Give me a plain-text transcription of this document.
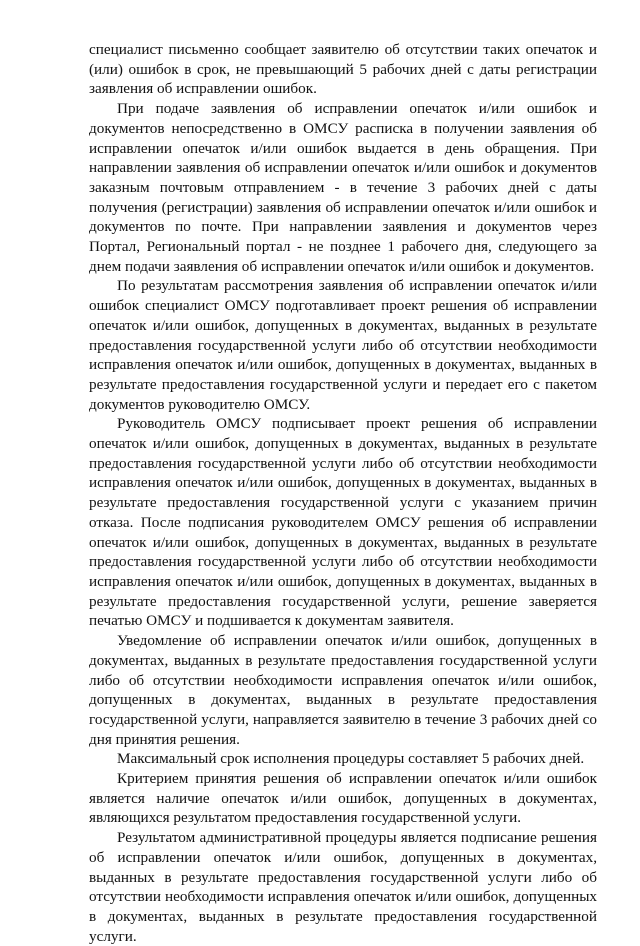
специалист письменно сообщает заявителю об отсутствии таких опечаток и (или) ошибок в срок, не превышающий 5 рабочих дней с даты регистрации заявления об исправлении ошибок.

При подаче заявления об исправлении опечаток и/или ошибок и документов непосредственно в ОМСУ расписка в получении заявления об исправлении опечаток и/или ошибок выдается в день обращения. При направлении заявления об исправлении опечаток и/или ошибок и документов заказным почтовым отправлением - в течение 3 рабочих дней с даты получения (регистрации) заявления об исправлении опечаток и/или ошибок и документов по почте. При направлении заявления и документов через Портал, Региональный портал - не позднее 1 рабочего дня, следующего за днем подачи заявления об исправлении опечаток и/или ошибок и документов.

По результатам рассмотрения заявления об исправлении опечаток и/или ошибок специалист ОМСУ подготавливает проект решения об исправлении опечаток и/или ошибок, допущенных в документах, выданных в результате предоставления государственной услуги либо об отсутствии необходимости исправления опечаток и/или ошибок, допущенных в документах, выданных в результате предоставления государственной услуги и передает его с пакетом документов руководителю ОМСУ.

Руководитель ОМСУ подписывает проект решения об исправлении опечаток и/или ошибок, допущенных в документах, выданных в результате предоставления государственной услуги либо об отсутствии необходимости исправления опечаток и/или ошибок, допущенных в документах, выданных в результате предоставления государственной услуги с указанием причин отказа. После подписания руководителем ОМСУ решения об исправлении опечаток и/или ошибок, допущенных в документах, выданных в результате предоставления государственной услуги либо об отсутствии необходимости исправления опечаток и/или ошибок, допущенных в документах, выданных в результате предоставления государственной услуги, решение заверяется печатью ОМСУ и подшивается к документам заявителя.

Уведомление об исправлении опечаток и/или ошибок, допущенных в документах, выданных в результате предоставления государственной услуги либо об отсутствии необходимости исправления опечаток и/или ошибок, допущенных в документах, выданных в результате предоставления государственной услуги, направляется заявителю в течение 3 рабочих дней со дня принятия решения.

Максимальный срок исполнения процедуры составляет 5 рабочих дней.

Критерием принятия решения об исправлении опечаток и/или ошибок является наличие опечаток и/или ошибок, допущенных в документах, являющихся результатом предоставления государственной услуги.

Результатом административной процедуры является подписание решения об исправлении опечаток и/или ошибок, допущенных в документах, выданных в результате предоставления государственной услуги либо об отсутствии необходимости исправления опечаток и/или ошибок, допущенных в документах, выданных в результате предоставления государственной услуги.
